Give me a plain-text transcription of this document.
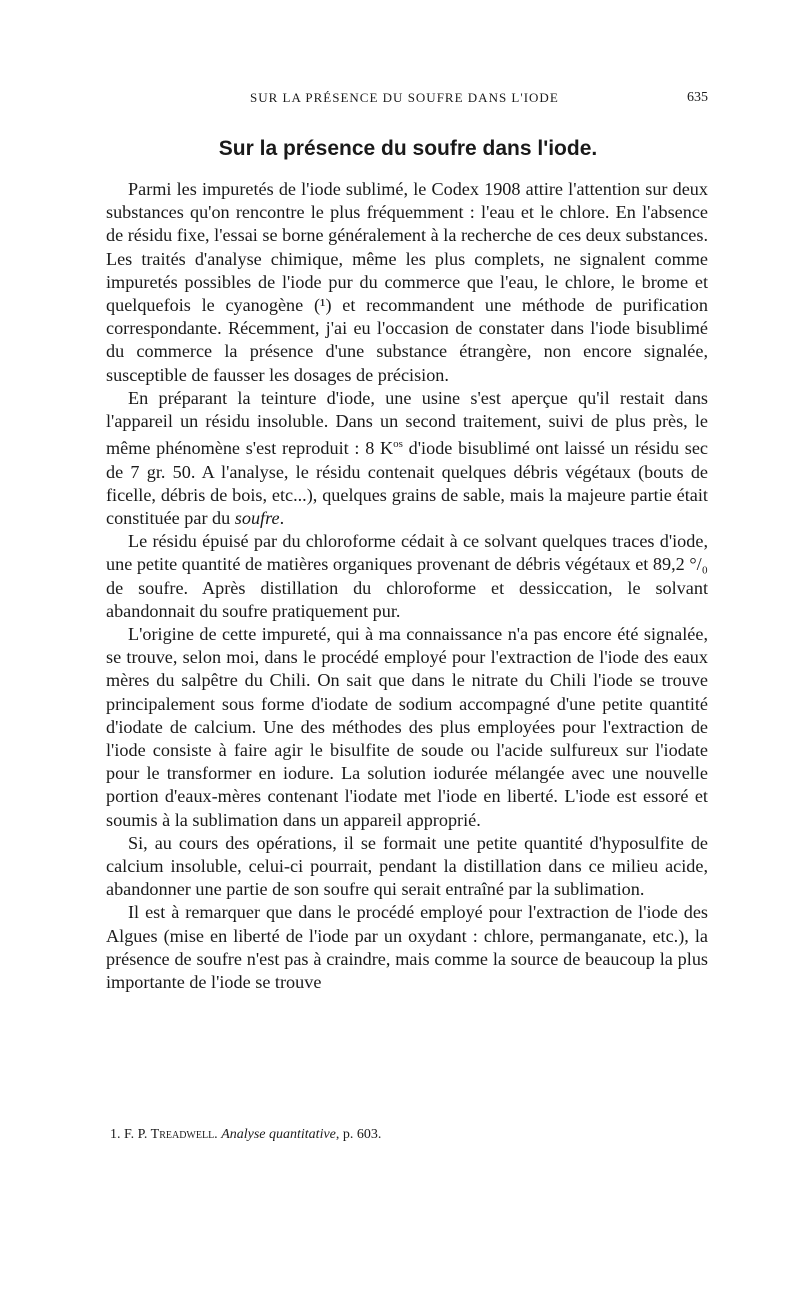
SUR LA PRÉSENCE DU SOUFRE DANS L'IODE	635
Sur la présence du soufre dans l'iode.

Parmi les impuretés de l'iode sublimé, le Codex 1908 attire l'attention sur deux substances qu'on rencontre le plus fréquemment : l'eau et le chlore. En l'absence de résidu fixe, l'essai se borne généralement à la recherche de ces deux substances. Les traités d'analyse chimique, même les plus complets, ne signalent comme impuretés possibles de l'iode pur du commerce que l'eau, le chlore, le brome et quelquefois le cyanogène (¹) et recommandent une méthode de purification correspondante. Récemment, j'ai eu l'occasion de constater dans l'iode bisublimé du commerce la présence d'une substance étrangère, non encore signalée, susceptible de fausser les dosages de précision.

En préparant la teinture d'iode, une usine s'est aperçue qu'il restait dans l'appareil un résidu insoluble. Dans un second traitement, suivi de plus près, le même phénomène s'est reproduit : 8 $K^{os}$ d'iode bisublimé ont laissé un résidu sec de 7 gr. 50. A l'analyse, le résidu contenait quelques débris végétaux (bouts de ficelle, débris de bois, etc...), quelques grains de sable, mais la majeure partie était constituée par du soufre.

Le résidu épuisé par du chloroforme cédait à ce solvant quelques traces d'iode, une petite quantité de matières organiques provenant de débris végétaux et 89,2 °/₀ de soufre. Après distillation du chloroforme et dessiccation, le solvant abandonnait du soufre pratiquement pur.

L'origine de cette impureté, qui à ma connaissance n'a pas encore été signalée, se trouve, selon moi, dans le procédé employé pour l'extraction de l'iode des eaux mères du salpêtre du Chili. On sait que dans le nitrate du Chili l'iode se trouve principalement sous forme d'iodate de sodium accompagné d'une petite quantité d'iodate de calcium. Une des méthodes des plus employées pour l'extraction de l'iode consiste à faire agir le bisulfite de soude ou l'acide sulfureux sur l'iodate pour le transformer en iodure. La solution iodurée mélangée avec une nouvelle portion d'eaux-mères contenant l'iodate met l'iode en liberté. L'iode est essoré et soumis à la sublimation dans un appareil approprié.

Si, au cours des opérations, il se formait une petite quantité d'hyposulfite de calcium insoluble, celui-ci pourrait, pendant la distillation dans ce milieu acide, abandonner une partie de son soufre qui serait entraîné par la sublimation.

Il est à remarquer que dans le procédé employé pour l'extraction de l'iode des Algues (mise en liberté de l'iode par un oxydant : chlore, permanganate, etc.), la présence de soufre n'est pas à craindre, mais comme la source de beaucoup la plus importante de l'iode se trouve

1. F. P. Treadwell. Analyse quantitative, p. 603.
